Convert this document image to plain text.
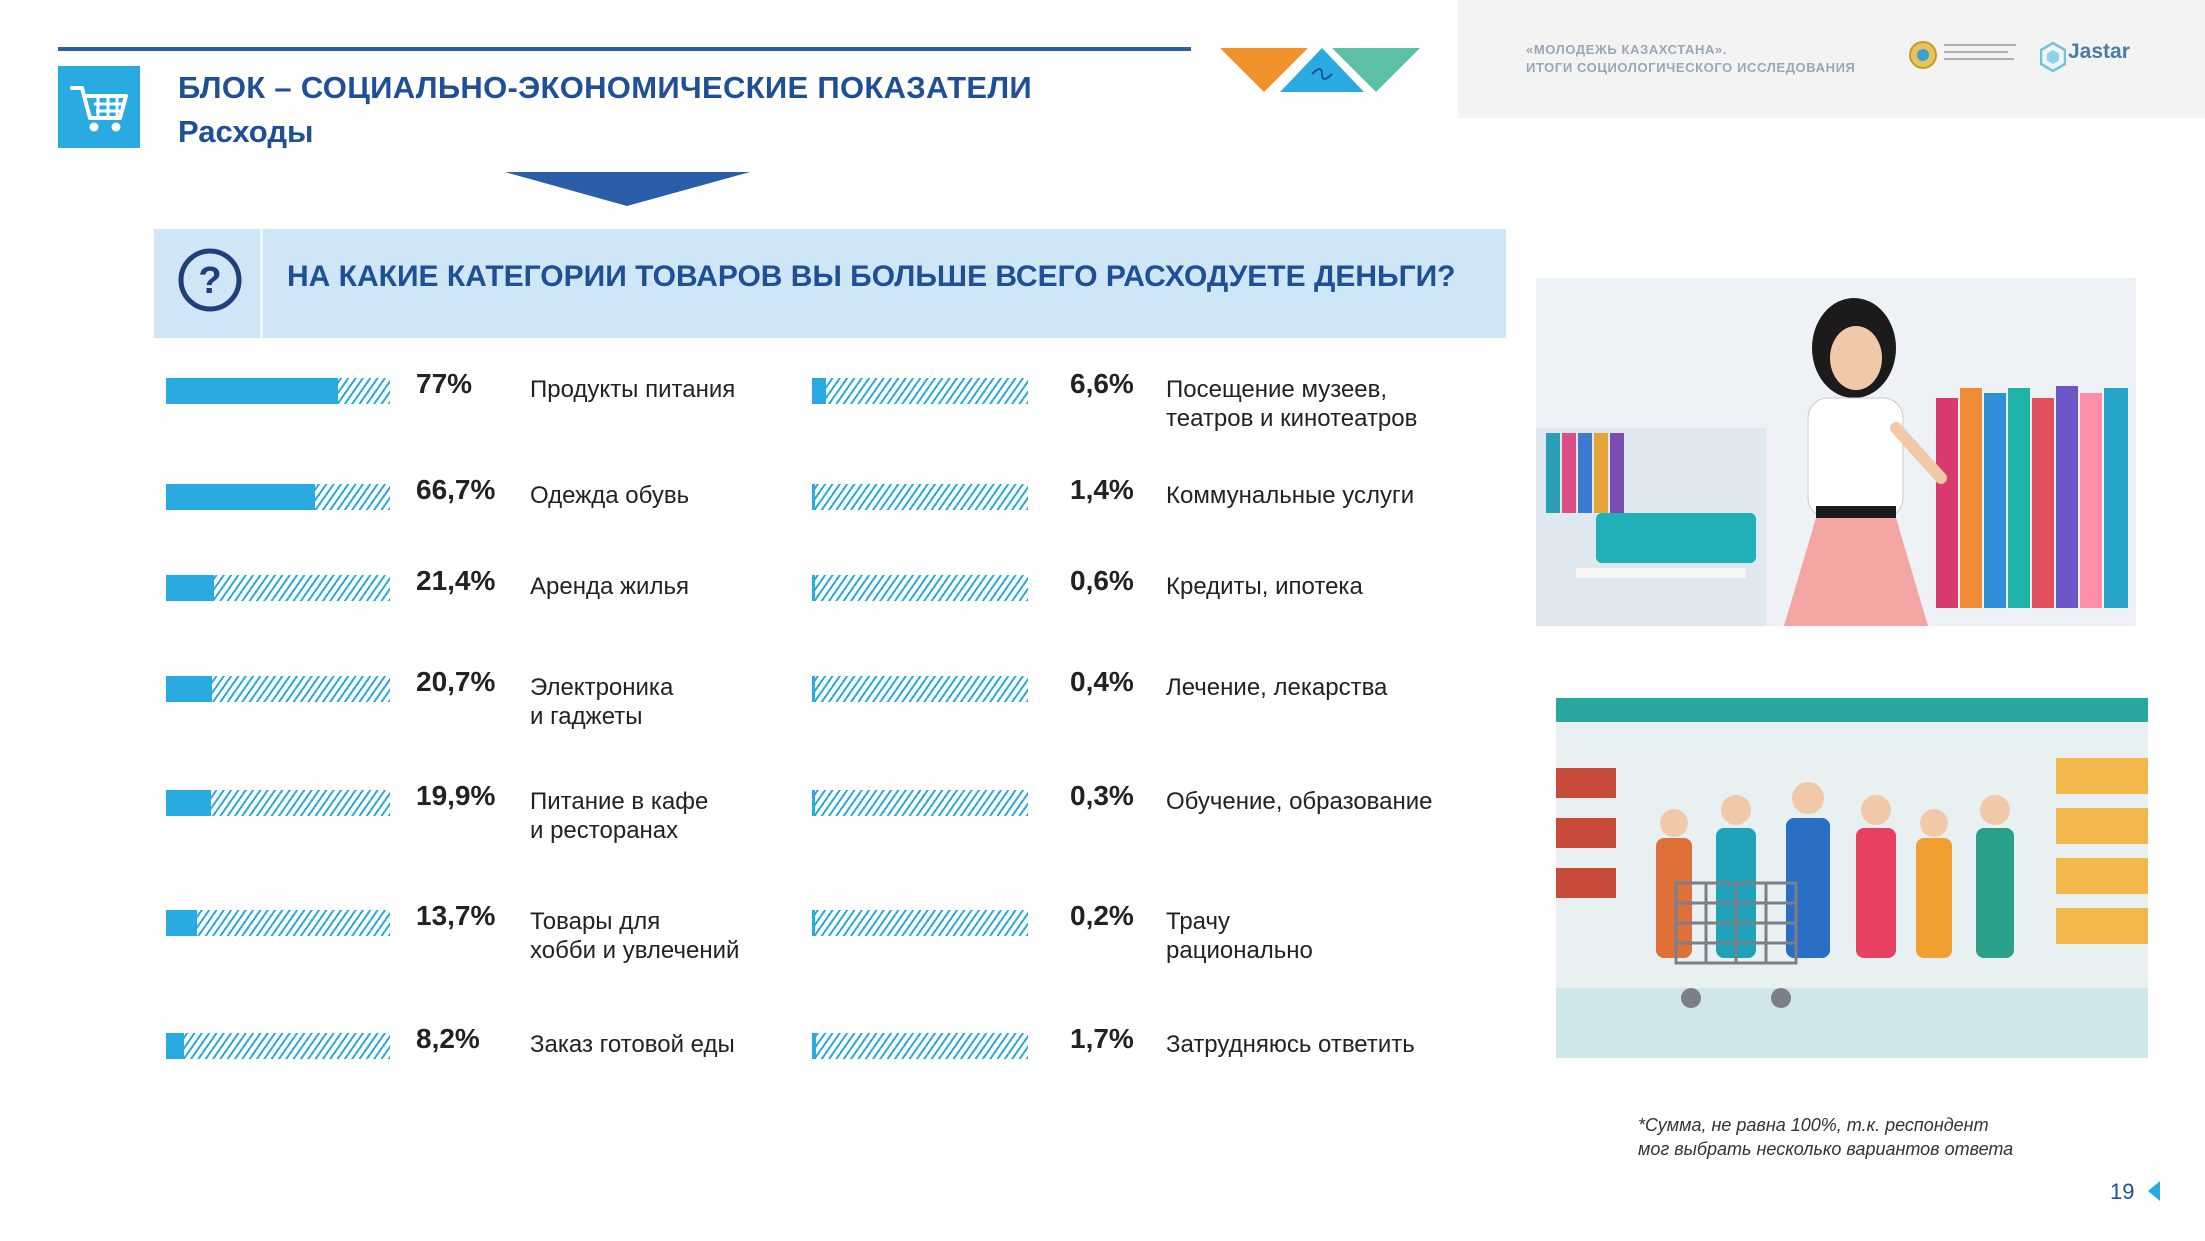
БЛОК – СОЦИАЛЬНО-ЭКОНОМИЧЕСКИЕ ПОКАЗАТЕЛИ
Расходы
«МОЛОДЕЖЬ КАЗАХСТАНА».
ИТОГИ СОЦИОЛОГИЧЕСКОГО ИССЛЕДОВАНИЯ
Jastar
? НА КАКИЕ КАТЕГОРИИ ТОВАРОВ ВЫ БОЛЬШЕ ВСЕГО РАСХОДУЕТЕ ДЕНЬГИ?
77% Продукты питания
66,7% Одежда обувь
21,4% Аренда жилья
20,7% Электроника
и гаджеты
19,9% Питание в кафе
и ресторанах
13,7% Товары для
хобби и увлечений
8,2% Заказ готовой еды
6,6% Посещение музеев,
театров и кинотеатров
1,4% Коммунальные услуги
0,6% Кредиты, ипотека
0,4% Лечение, лекарства
0,3% Обучение, образование
0,2% Трачу
рационально
1,7% Затрудняюсь ответить
*Сумма, не равна 100%, т.к. респондент
мог выбрать несколько вариантов ответа
19
